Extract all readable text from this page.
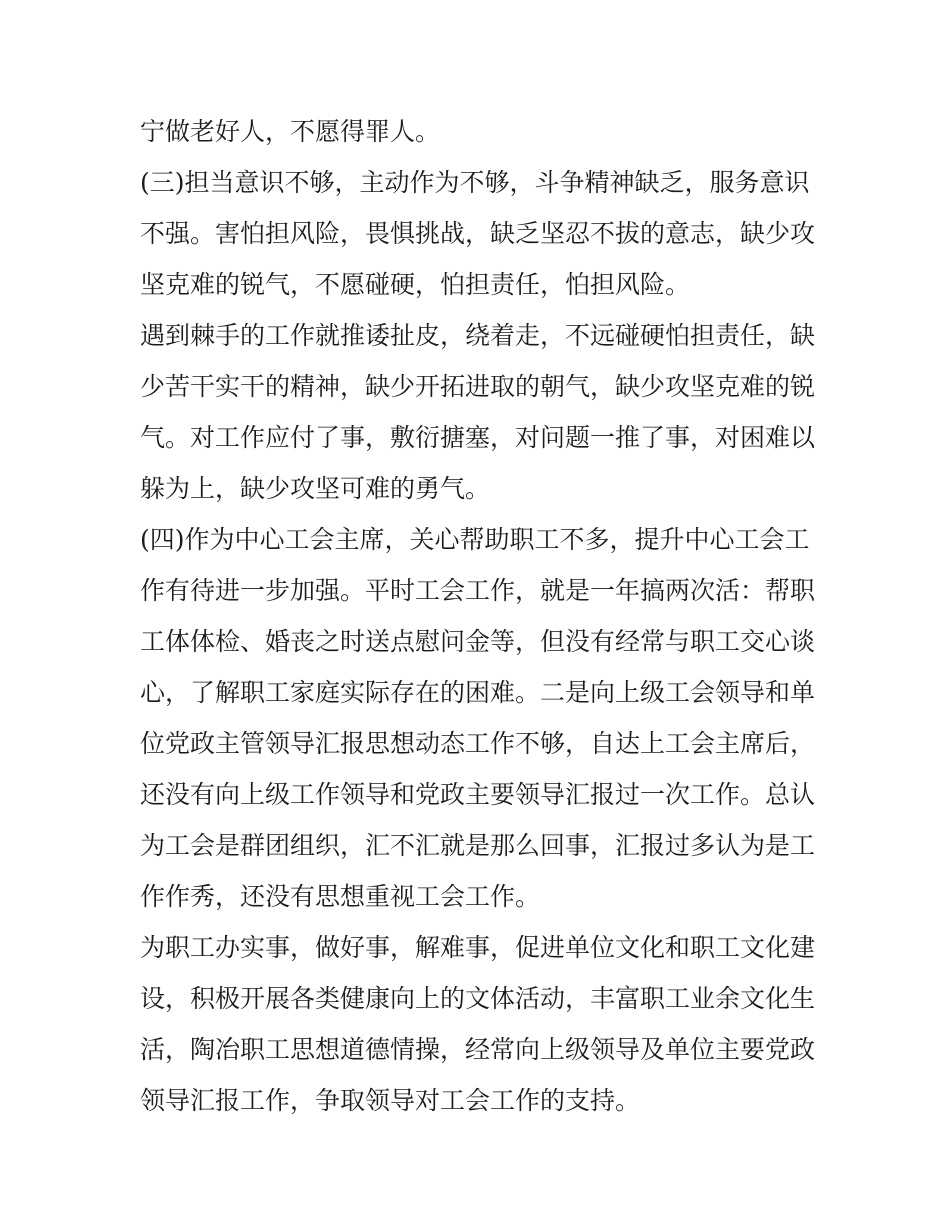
宁做老好人，不愿得罪人。

(三)担当意识不够，主动作为不够，斗争精神缺乏，服务意识
不强。害怕担风险，畏惧挑战，缺乏坚忍不拔的意志，缺少攻
坚克难的锐气，不愿碰硬，怕担责任，怕担风险。

遇到棘手的工作就推诿扯皮，绕着走，不远碰硬怕担责任，缺
少苦干实干的精神，缺少开拓进取的朝气，缺少攻坚克难的锐
气。对工作应付了事，敷衍搪塞，对问题一推了事，对困难以
躲为上，缺少攻坚可难的勇气。

(四)作为中心工会主席，关心帮助职工不多，提升中心工会工
作有待进一步加强。平时工会工作，就是一年搞两次活：帮职
工体体检、婚丧之时送点慰问金等，但没有经常与职工交心谈
心，了解职工家庭实际存在的困难。二是向上级工会领导和单
位党政主管领导汇报思想动态工作不够，自达上工会主席后，
还没有向上级工作领导和党政主要领导汇报过一次工作。总认
为工会是群团组织，汇不汇就是那么回事，汇报过多认为是工
作作秀，还没有思想重视工会工作。

为职工办实事，做好事，解难事，促进单位文化和职工文化建
设，积极开展各类健康向上的文体活动，丰富职工业余文化生
活，陶冶职工思想道德情操，经常向上级领导及单位主要党政
领导汇报工作，争取领导对工会工作的支持。
